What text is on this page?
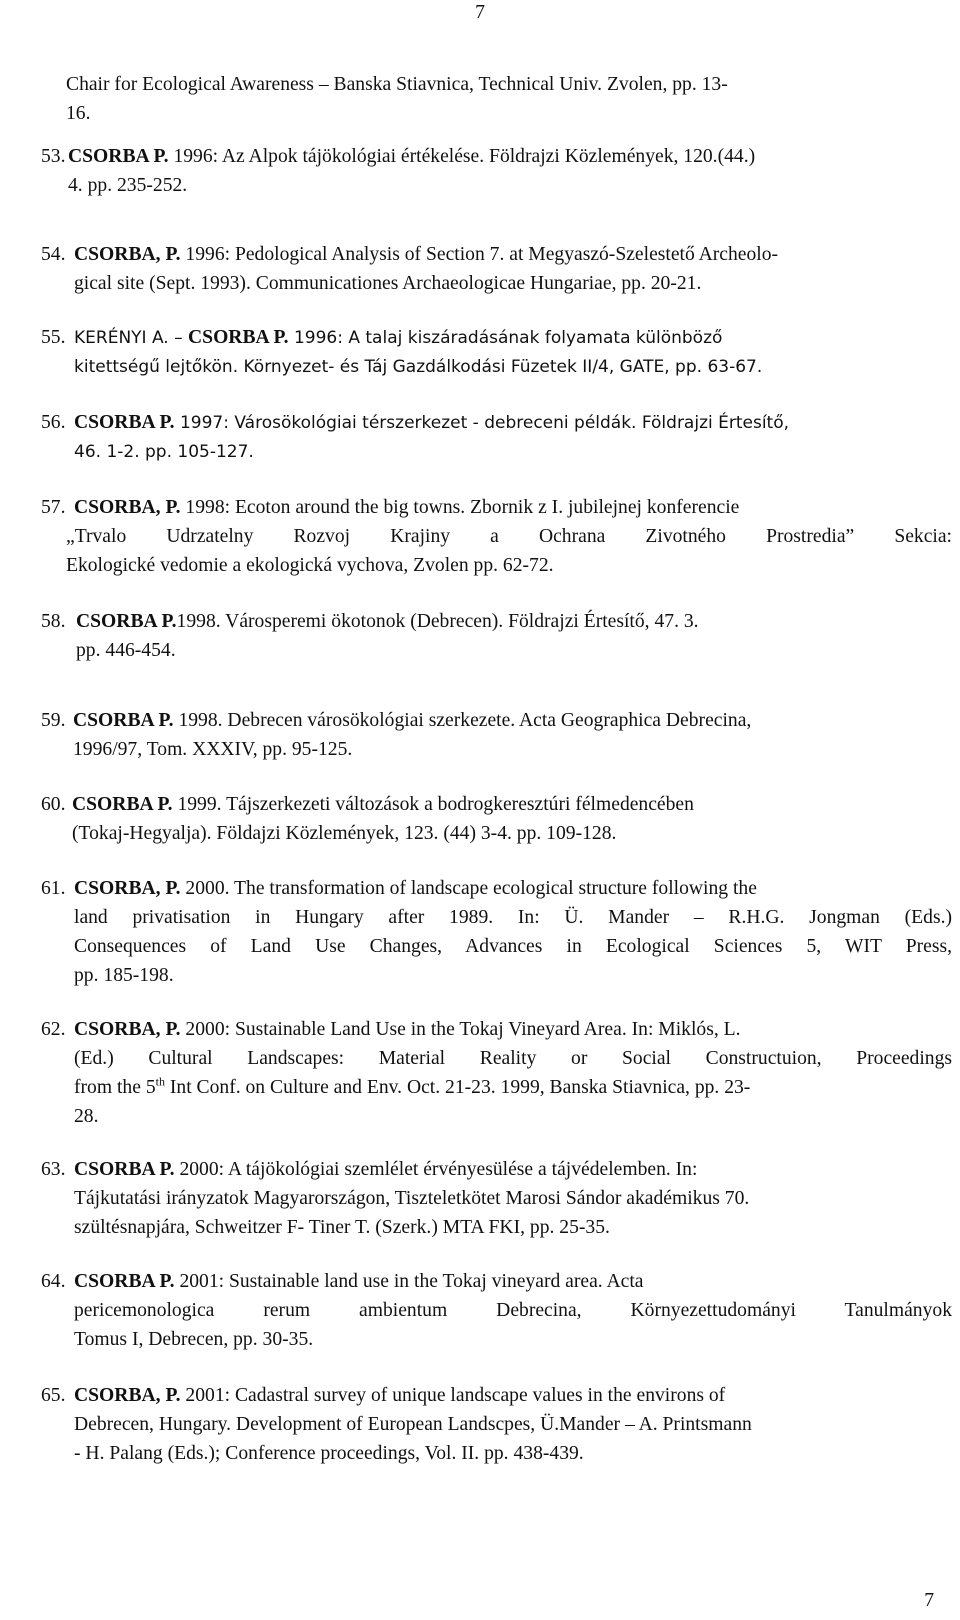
7
Chair for Ecological Awareness – Banska Stiavnica, Technical Univ. Zvolen, pp. 13-
16.
53. CSORBA P. 1996: Az Alpok tájökológiai értékelése. Földrajzi Közlemények, 120.(44.)
4. pp. 235-252.
54. CSORBA, P. 1996: Pedological Analysis of Section 7. at Megyaszó-Szelestető Archeolo-
gical site (Sept. 1993). Communicationes Archaeologicae Hungariae, pp. 20-21.
55. KERÉNYI A. – CSORBA P. 1996: A talaj kiszáradásának folyamata különböző
kitettségű lejtőkön. Környezet- és Táj Gazdálkodási Füzetek II/4, GATE, pp. 63-67.
56. CSORBA P. 1997: Városökológiai térszerkezet - debreceni példák. Földrajzi Értesítő,
46. 1-2. pp. 105-127.
57. CSORBA, P. 1998: Ecoton around the big towns. Zbornik z I. jubilejnej konferencie
„Trvalo Udrzatelny Rozvoj Krajiny a Ochrana Zivotného Prostredia” Sekcia:
Ekologické vedomie a ekologická vychova, Zvolen pp. 62-72.
58. CSORBA P.1998. Városperemi ökotonok (Debrecen). Földrajzi Értesítő, 47. 3.
pp. 446-454.
59. CSORBA P. 1998. Debrecen városökológiai szerkezete. Acta Geographica Debrecina,
1996/97, Tom. XXXIV, pp. 95-125.
60. CSORBA P. 1999. Tájszerkezeti változások a bodrogkeresztúri félmedencében
(Tokaj-Hegyalja). Földajzi Közlemények, 123. (44) 3-4. pp. 109-128.
61. CSORBA, P. 2000. The transformation of landscape ecological structure following the
land privatisation in Hungary after 1989. In: Ü. Mander – R.H.G. Jongman (Eds.)
Consequences of Land Use Changes, Advances in Ecological Sciences 5, WIT Press,
pp. 185-198.
62. CSORBA, P. 2000: Sustainable Land Use in the Tokaj Vineyard Area. In: Miklós, L.
(Ed.) Cultural Landscapes: Material Reality or Social Constructuion, Proceedings
from the 5th Int Conf. on Culture and Env. Oct. 21-23. 1999, Banska Stiavnica, pp. 23-
28.
63. CSORBA P. 2000: A tájökológiai szemlélet érvényesülése a tájvédelemben. In:
Tájkutatási irányzatok Magyarországon, Tiszteletkötet Marosi Sándor akadémikus 70.
szültésnapjára, Schweitzer F- Tiner T. (Szerk.) MTA FKI, pp. 25-35.
64. CSORBA P. 2001: Sustainable land use in the Tokaj vineyard area. Acta
pericemonologica rerum ambientum Debrecina, Környezettudományi Tanulmányok
Tomus I, Debrecen, pp. 30-35.
65. CSORBA, P. 2001: Cadastral survey of unique landscape values in the environs of
Debrecen, Hungary. Development of European Landscpes, Ü.Mander – A. Printsmann
- H. Palang (Eds.); Conference proceedings, Vol. II. pp. 438-439.
7
